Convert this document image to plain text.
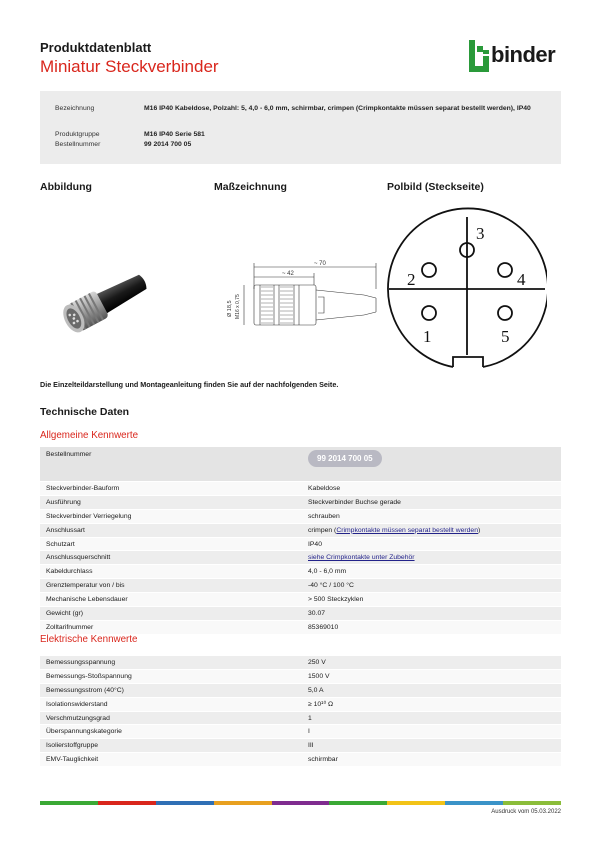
Produktdatenblatt
Miniatur Steckverbinder	binder
Bezeichnung	M16 IP40 Kabeldose, Polzahl: 5, 4,0 - 6,0 mm, schirmbar, crimpen (Crimpkontakte müssen separat bestellt werden), IP40
Produktgruppe	M16 IP40 Serie 581
Bestellnummer	99 2014 700 05
Abbildung	Maßzeichnung	Polbild (Steckseite)
~ 70
~ 42
Ø 18,5 M16 x 0,75
1
2
3
4
5
Die Einzelteildarstellung und Montageanleitung finden Sie auf der nachfolgenden Seite.
Technische Daten
Allgemeine Kennwerte
Bestellnummer	99 2014 700 05
Steckverbinder-Bauform	Kabeldose
Ausführung	Steckverbinder Buchse gerade
Steckverbinder Verriegelung	schrauben
Anschlussart	crimpen (Crimpkontakte müssen separat bestellt werden)
Schutzart	IP40
Anschlussquerschnitt	siehe Crimpkontakte unter Zubehör
Kabeldurchlass	4,0 - 6,0 mm
Grenztemperatur von / bis	-40 °C / 100 °C
Mechanische Lebensdauer	> 500 Steckzyklen
Gewicht (gr)	30.07
Zolltarifnummer	85369010
Elektrische Kennwerte
Bemessungsspannung	250 V
Bemessungs-Stoßspannung	1500 V
Bemessungsstrom (40°C)	5,0 A
Isolationswiderstand	≥ 10¹⁰ Ω
Verschmutzungsgrad	1
Überspannungskategorie	I
Isolierstoffgruppe	III
EMV-Tauglichkeit	schirmbar
Ausdruck vom 05.03.2022
